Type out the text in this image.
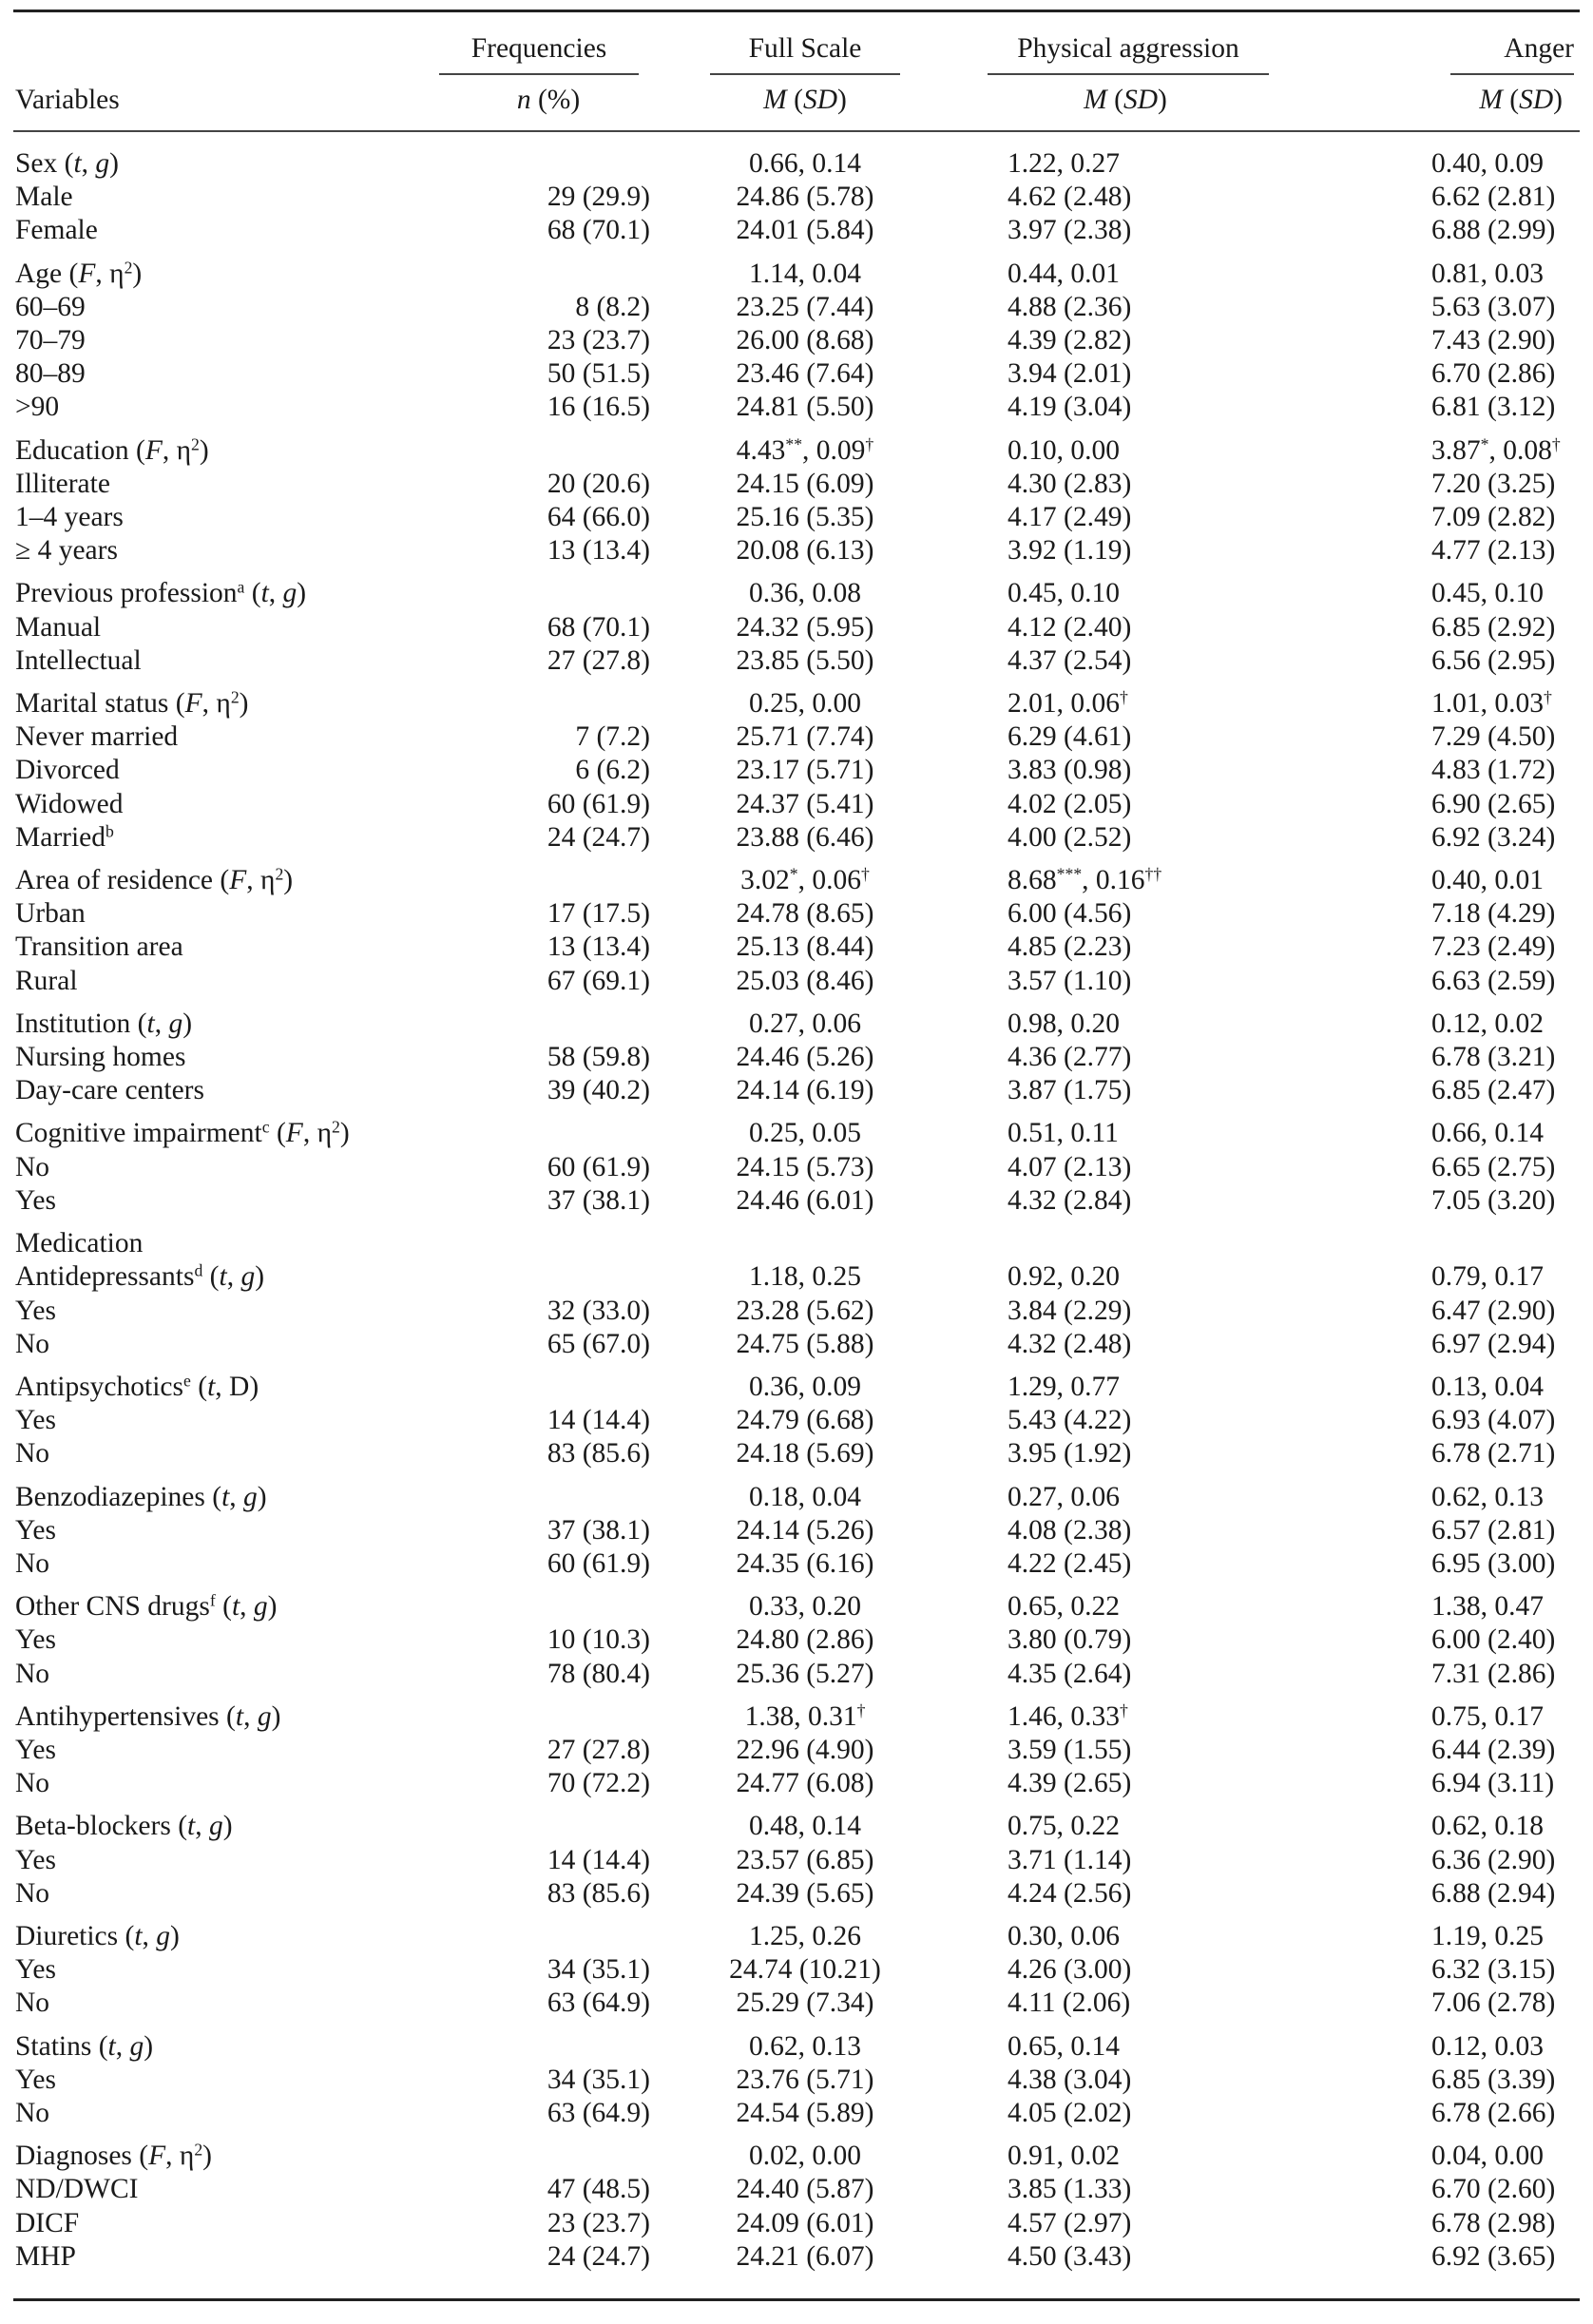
	Frequencies	Full Scale	Physical aggression	Anger
Variables	n (%)	M (SD)	M (SD)	M (SD)

Sex (t, g)		0.66, 0.14	1.22, 0.27	0.40, 0.09
Male	29 (29.9)	24.86 (5.78)	4.62 (2.48)	6.62 (2.81)
Female	68 (70.1)	24.01 (5.84)	3.97 (2.38)	6.88 (2.99)
Age (F, $\eta^2$)		1.14, 0.04	0.44, 0.01	0.81, 0.03
60–69	8 (8.2)	23.25 (7.44)	4.88 (2.36)	5.63 (3.07)
70–79	23 (23.7)	26.00 (8.68)	4.39 (2.82)	7.43 (2.90)
80–89	50 (51.5)	23.46 (7.64)	3.94 (2.01)	6.70 (2.86)
>90	16 (16.5)	24.81 (5.50)	4.19 (3.04)	6.81 (3.12)
Education (F, $\eta^2$)		4.43**, 0.09†	0.10, 0.00	3.87*, 0.08†
Illiterate	20 (20.6)	24.15 (6.09)	4.30 (2.83)	7.20 (3.25)
1–4 years	64 (66.0)	25.16 (5.35)	4.17 (2.49)	7.09 (2.82)
≥ 4 years	13 (13.4)	20.08 (6.13)	3.92 (1.19)	4.77 (2.13)
Previous profession$^a$ (t, g)		0.36, 0.08	0.45, 0.10	0.45, 0.10
Manual	68 (70.1)	24.32 (5.95)	4.12 (2.40)	6.85 (2.92)
Intellectual	27 (27.8)	23.85 (5.50)	4.37 (2.54)	6.56 (2.95)
Marital status (F, $\eta^2$)		0.25, 0.00	2.01, 0.06†	1.01, 0.03†
Never married	7 (7.2)	25.71 (7.74)	6.29 (4.61)	7.29 (4.50)
Divorced	6 (6.2)	23.17 (5.71)	3.83 (0.98)	4.83 (1.72)
Widowed	60 (61.9)	24.37 (5.41)	4.02 (2.05)	6.90 (2.65)
Married$^b$	24 (24.7)	23.88 (6.46)	4.00 (2.52)	6.92 (3.24)
Area of residence (F, $\eta^2$)		3.02*, 0.06†	8.68***, 0.16††	0.40, 0.01
Urban	17 (17.5)	24.78 (8.65)	6.00 (4.56)	7.18 (4.29)
Transition area	13 (13.4)	25.13 (8.44)	4.85 (2.23)	7.23 (2.49)
Rural	67 (69.1)	25.03 (8.46)	3.57 (1.10)	6.63 (2.59)
Institution (t, g)		0.27, 0.06	0.98, 0.20	0.12, 0.02
Nursing homes	58 (59.8)	24.46 (5.26)	4.36 (2.77)	6.78 (3.21)
Day-care centers	39 (40.2)	24.14 (6.19)	3.87 (1.75)	6.85 (2.47)
Cognitive impairment$^c$ (F, $\eta^2$)		0.25, 0.05	0.51, 0.11	0.66, 0.14
No	60 (61.9)	24.15 (5.73)	4.07 (2.13)	6.65 (2.75)
Yes	37 (38.1)	24.46 (6.01)	4.32 (2.84)	7.05 (3.20)
Medication				
Antidepressants$^d$ (t, g)		1.18, 0.25	0.92, 0.20	0.79, 0.17
Yes	32 (33.0)	23.28 (5.62)	3.84 (2.29)	6.47 (2.90)
No	65 (67.0)	24.75 (5.88)	4.32 (2.48)	6.97 (2.94)
Antipsychotics$^e$ (t, D)		0.36, 0.09	1.29, 0.77	0.13, 0.04
Yes	14 (14.4)	24.79 (6.68)	5.43 (4.22)	6.93 (4.07)
No	83 (85.6)	24.18 (5.69)	3.95 (1.92)	6.78 (2.71)
Benzodiazepines (t, g)		0.18, 0.04	0.27, 0.06	0.62, 0.13
Yes	37 (38.1)	24.14 (5.26)	4.08 (2.38)	6.57 (2.81)
No	60 (61.9)	24.35 (6.16)	4.22 (2.45)	6.95 (3.00)
Other CNS drugs$^f$ (t, g)		0.33, 0.20	0.65, 0.22	1.38, 0.47
Yes	10 (10.3)	24.80 (2.86)	3.80 (0.79)	6.00 (2.40)
No	78 (80.4)	25.36 (5.27)	4.35 (2.64)	7.31 (2.86)
Antihypertensives (t, g)		1.38, 0.31†	1.46, 0.33†	0.75, 0.17
Yes	27 (27.8)	22.96 (4.90)	3.59 (1.55)	6.44 (2.39)
No	70 (72.2)	24.77 (6.08)	4.39 (2.65)	6.94 (3.11)
Beta-blockers (t, g)		0.48, 0.14	0.75, 0.22	0.62, 0.18
Yes	14 (14.4)	23.57 (6.85)	3.71 (1.14)	6.36 (2.90)
No	83 (85.6)	24.39 (5.65)	4.24 (2.56)	6.88 (2.94)
Diuretics (t, g)		1.25, 0.26	0.30, 0.06	1.19, 0.25
Yes	34 (35.1)	24.74 (10.21)	4.26 (3.00)	6.32 (3.15)
No	63 (64.9)	25.29 (7.34)	4.11 (2.06)	7.06 (2.78)
Statins (t, g)		0.62, 0.13	0.65, 0.14	0.12, 0.03
Yes	34 (35.1)	23.76 (5.71)	4.38 (3.04)	6.85 (3.39)
No	63 (64.9)	24.54 (5.89)	4.05 (2.02)	6.78 (2.66)
Diagnoses (F, $\eta^2$)		0.02, 0.00	0.91, 0.02	0.04, 0.00
ND/DWCI	47 (48.5)	24.40 (5.87)	3.85 (1.33)	6.70 (2.60)
DICF	23 (23.7)	24.09 (6.01)	4.57 (2.97)	6.78 (2.98)
MHP	24 (24.7)	24.21 (6.07)	4.50 (3.43)	6.92 (3.65)
